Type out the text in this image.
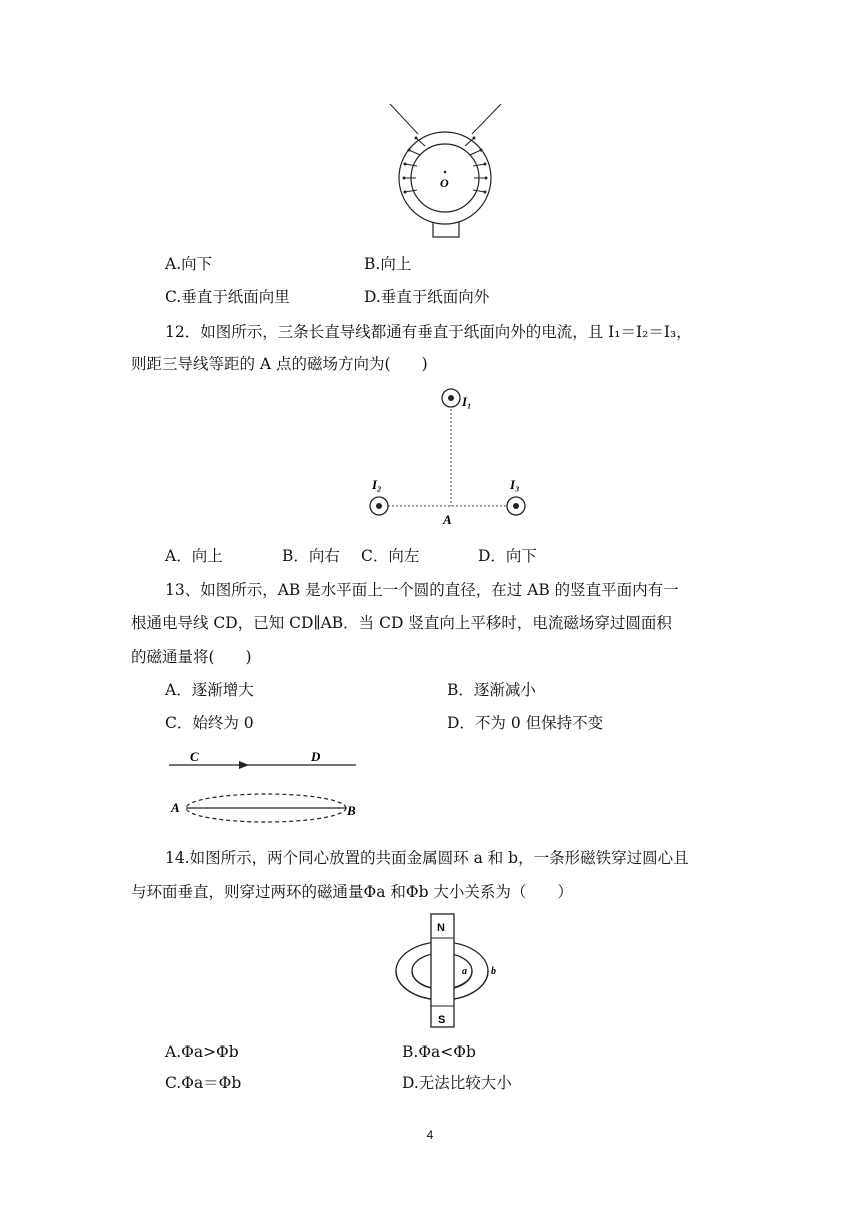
O
A.向下	B.向上
C.垂直于纸面向里	D.垂直于纸面向外
12．如图所示，三条长直导线都通有垂直于纸面向外的电流，且 I₁＝I₂＝I₃，
则距三导线等距的 A 点的磁场方向为(　　)
I₁
I₂	I₃
A
A．向上	B．向右 C．向左	D．向下
13、如图所示，AB 是水平面上一个圆的直径，在过 AB 的竖直平面内有一
根通电导线 CD，已知 CD∥AB．当 CD 竖直向上平移时，电流磁场穿过圆面积
的磁通量将(　　)
A．逐渐增大	B．逐渐减小
C．始终为 0	D．不为 0 但保持不变
C	D
A	B
14.如图所示，两个同心放置的共面金属圆环 a 和 b，一条形磁铁穿过圆心且
与环面垂直，则穿过两环的磁通量Φa 和Φb 大小关系为（　　）
N
S
a b
A.Φa>Φb	B.Φa<Φb
C.Φa＝Φb	D.无法比较大小
4
